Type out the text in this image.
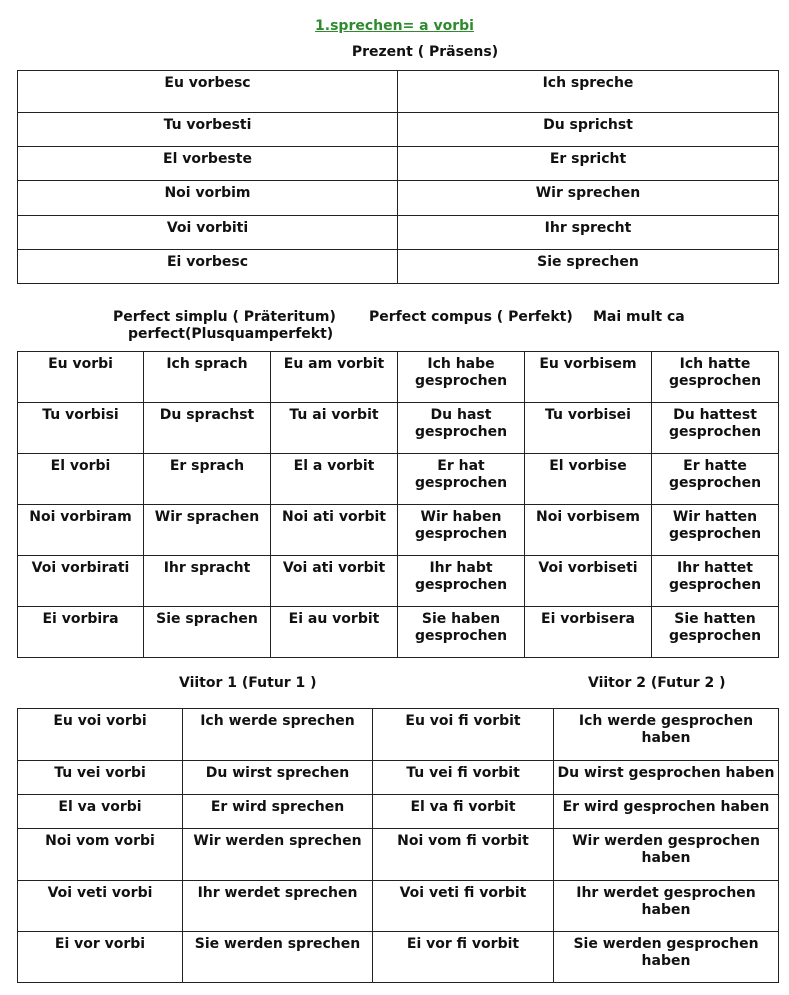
1.sprechen= a vorbi
Prezent ( Präsens)
Eu vorbesc	Ich spreche
Tu vorbesti	Du sprichst
El vorbeste	Er spricht
Noi vorbim	Wir sprechen
Voi vorbiti	Ihr sprecht
Ei vorbesc	Sie sprechen
Perfect simplu ( Präteritum) Perfect compus ( Perfekt) Mai mult ca
perfect(Plusquamperfekt)
Eu vorbi	Ich sprach	Eu am vorbit	Ich habe gesprochen	Eu vorbisem	Ich hatte gesprochen
Tu vorbisi	Du sprachst	Tu ai vorbit	Du hast gesprochen	Tu vorbisei	Du hattest gesprochen
El vorbi	Er sprach	El a vorbit	Er hat gesprochen	El vorbise	Er hatte gesprochen
Noi vorbiram	Wir sprachen	Noi ati vorbit	Wir haben gesprochen	Noi vorbisem	Wir hatten gesprochen
Voi vorbirati	Ihr spracht	Voi ati vorbit	Ihr habt gesprochen	Voi vorbiseti	Ihr hattet gesprochen
Ei vorbira	Sie sprachen	Ei au vorbit	Sie haben gesprochen	Ei vorbisera	Sie hatten gesprochen
Viitor 1 (Futur 1 )	Viitor 2 (Futur 2 )
Eu voi vorbi	Ich werde sprechen	Eu voi fi vorbit	Ich werde gesprochen haben
Tu vei vorbi	Du wirst sprechen	Tu vei fi vorbit	Du wirst gesprochen haben
El va vorbi	Er wird sprechen	El va fi vorbit	Er wird gesprochen haben
Noi vom vorbi	Wir werden sprechen	Noi vom fi vorbit	Wir werden gesprochen haben
Voi veti vorbi	Ihr werdet sprechen	Voi veti fi vorbit	Ihr werdet gesprochen haben
Ei vor vorbi	Sie werden sprechen	Ei vor fi vorbit	Sie werden gesprochen haben
